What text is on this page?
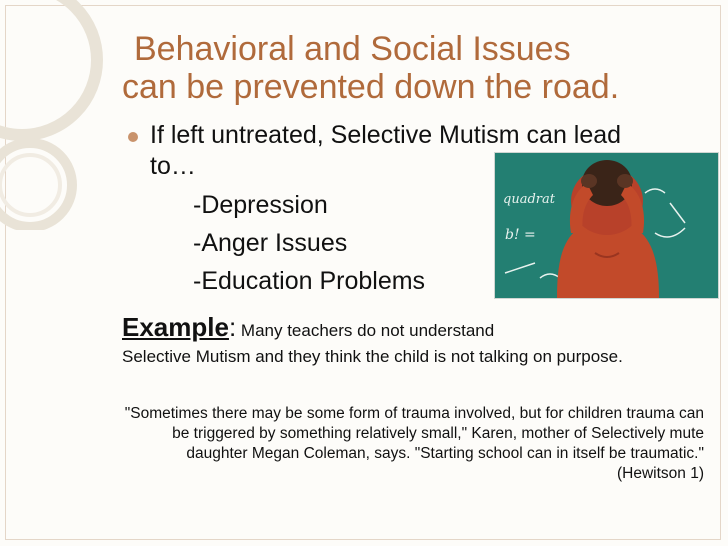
Behavioral and Social Issues
can be prevented down the road.

If left untreated, Selective Mutism can lead to…

-Depression

-Anger Issues

-Education Problems

quadrat
b! =

Example: Many teachers do not understand

Selective Mutism and they think the child is not talking on purpose.

"Sometimes there may be some form of trauma involved, but for children trauma can be triggered by something relatively small," Karen, mother of Selectively mute daughter Megan Coleman, says. "Starting school can in itself be traumatic." (Hewitson 1)
